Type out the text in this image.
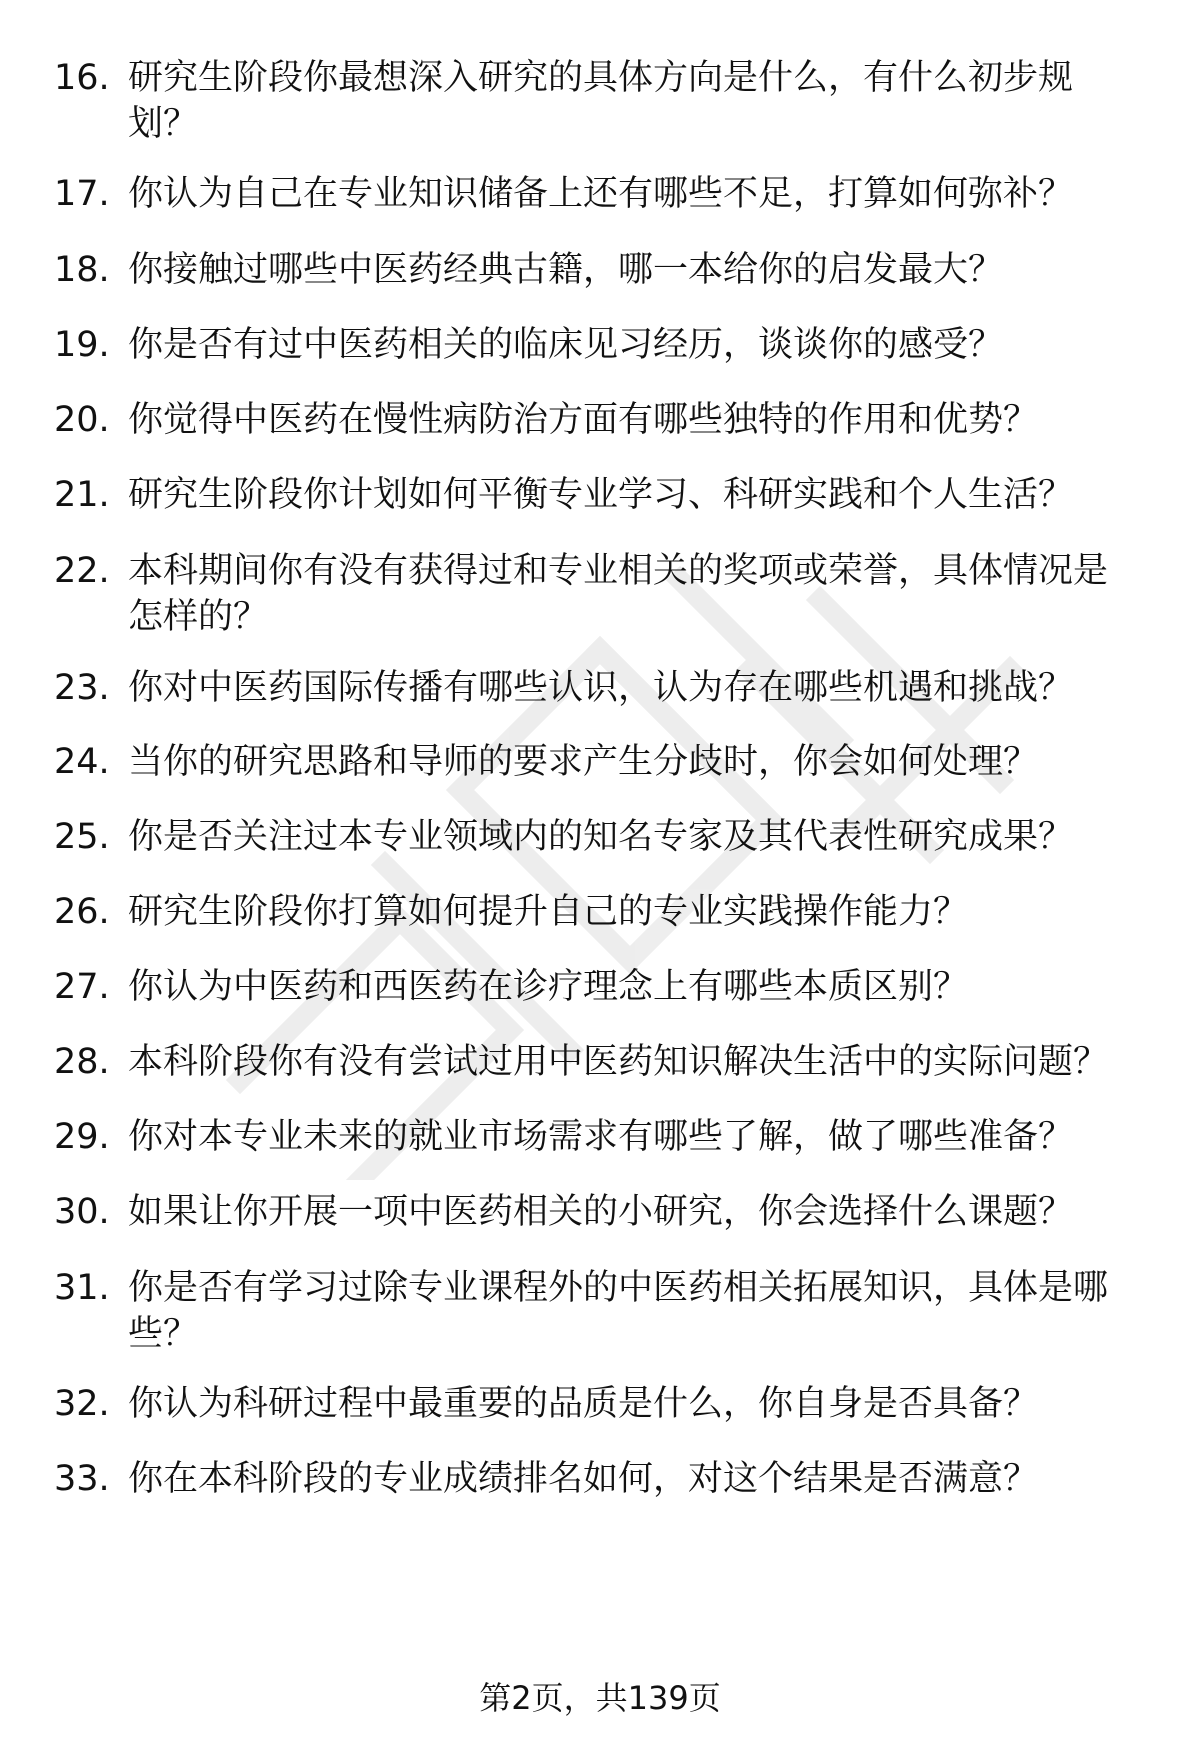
16. 研究生阶段你最想深入研究的具体方向是什么，有什么初步规划？
17. 你认为自己在专业知识储备上还有哪些不足，打算如何弥补？
18. 你接触过哪些中医药经典古籍，哪一本给你的启发最大？
19. 你是否有过中医药相关的临床见习经历，谈谈你的感受？
20. 你觉得中医药在慢性病防治方面有哪些独特的作用和优势？
21. 研究生阶段你计划如何平衡专业学习、科研实践和个人生活？
22. 本科期间你有没有获得过和专业相关的奖项或荣誉，具体情况是怎样的？
23. 你对中医药国际传播有哪些认识，认为存在哪些机遇和挑战？
24. 当你的研究思路和导师的要求产生分歧时，你会如何处理？
25. 你是否关注过本专业领域内的知名专家及其代表性研究成果？
26. 研究生阶段你打算如何提升自己的专业实践操作能力？
27. 你认为中医药和西医药在诊疗理念上有哪些本质区别？
28. 本科阶段你有没有尝试过用中医药知识解决生活中的实际问题？
29. 你对本专业未来的就业市场需求有哪些了解，做了哪些准备？
30. 如果让你开展一项中医药相关的小研究，你会选择什么课题？
31. 你是否有学习过除专业课程外的中医药相关拓展知识，具体是哪些？
32. 你认为科研过程中最重要的品质是什么，你自身是否具备？
33. 你在本科阶段的专业成绩排名如何，对这个结果是否满意？
第2页，共139页
